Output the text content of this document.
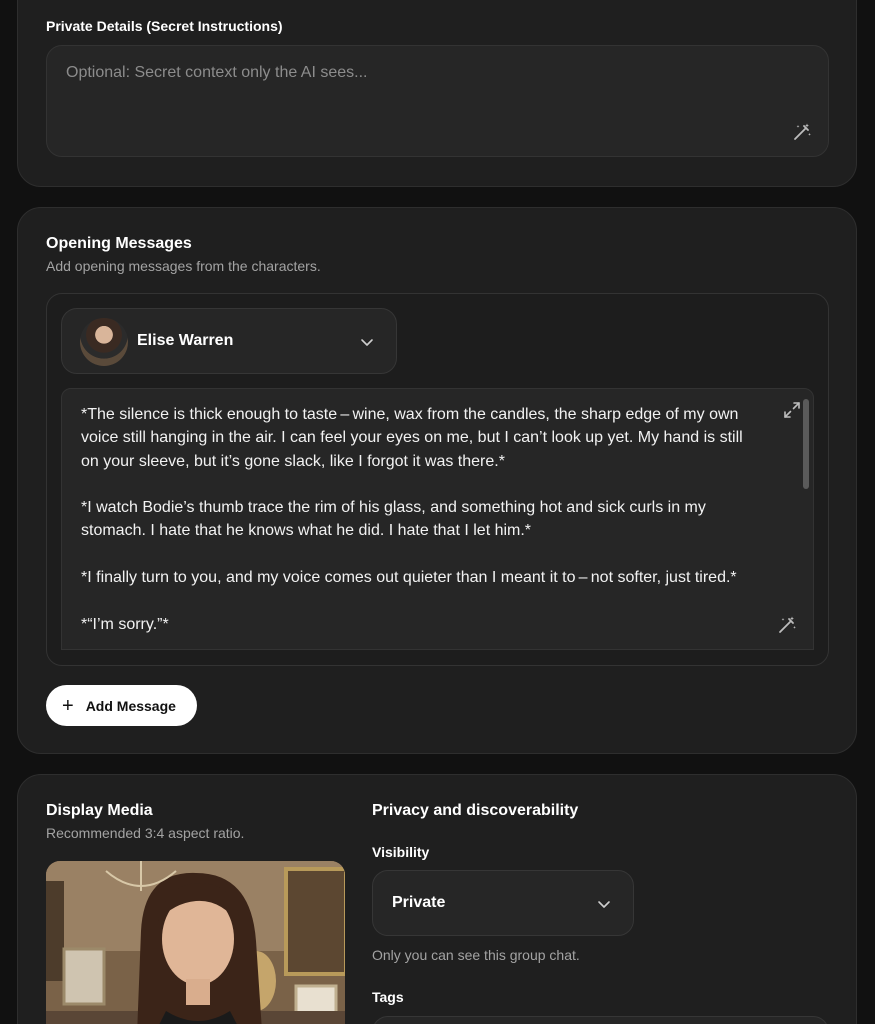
Private Details (Secret Instructions)
Optional: Secret context only the AI sees...
Opening Messages
Add opening messages from the characters.
Elise Warren

*The silence is thick enough to taste – wine, wax from the candles, the sharp edge of my own voice still hanging in the air. I can feel your eyes on me, but I can’t look up yet. My hand is still on your sleeve, but it’s gone slack, like I forgot it was there.*

*I watch Bodie’s thumb trace the rim of his glass, and something hot and sick curls in my stomach. I hate that he knows what he did. I hate that I let him.*

*I finally turn to you, and my voice comes out quieter than I meant it to – not softer, just tired.*

*“I’m sorry.”*

+ Add Message
Display Media
Recommended 3:4 aspect ratio.
Privacy and discoverability
Visibility
Private
Only you can see this group chat.
Tags
